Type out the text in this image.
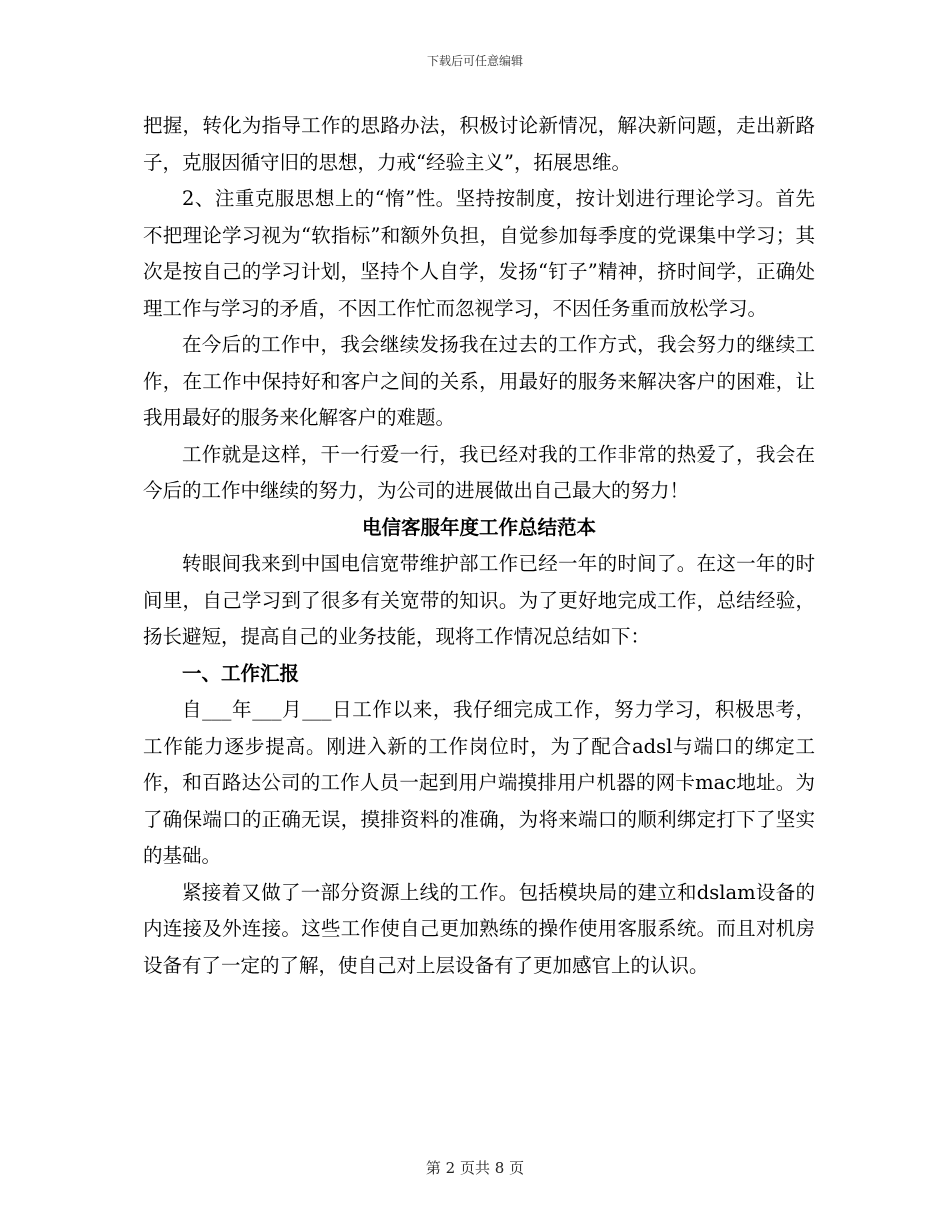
下载后可任意编辑

把握，转化为指导工作的思路办法，积极讨论新情况，解决新问题，走出新路子，克服因循守旧的思想，力戒“经验主义”，拓展思维。

2、注重克服思想上的“惰”性。坚持按制度，按计划进行理论学习。首先不把理论学习视为“软指标”和额外负担，自觉参加每季度的党课集中学习；其次是按自己的学习计划，坚持个人自学，发扬“钉子”精神，挤时间学，正确处理工作与学习的矛盾，不因工作忙而忽视学习，不因任务重而放松学习。

在今后的工作中，我会继续发扬我在过去的工作方式，我会努力的继续工作，在工作中保持好和客户之间的关系，用最好的服务来解决客户的困难，让我用最好的服务来化解客户的难题。

工作就是这样，干一行爱一行，我已经对我的工作非常的热爱了，我会在今后的工作中继续的努力，为公司的进展做出自己最大的努力！

电信客服年度工作总结范本

转眼间我来到中国电信宽带维护部工作已经一年的时间了。在这一年的时间里，自己学习到了很多有关宽带的知识。为了更好地完成工作，总结经验，扬长避短，提高自己的业务技能，现将工作情况总结如下：

一、工作汇报

自___年___月___日工作以来，我仔细完成工作，努力学习，积极思考，工作能力逐步提高。刚进入新的工作岗位时，为了配合adsl与端口的绑定工作，和百路达公司的工作人员一起到用户端摸排用户机器的网卡mac地址。为了确保端口的正确无误，摸排资料的准确，为将来端口的顺利绑定打下了坚实的基础。

紧接着又做了一部分资源上线的工作。包括模块局的建立和dslam设备的内连接及外连接。这些工作使自己更加熟练的操作使用客服系统。而且对机房设备有了一定的了解，使自己对上层设备有了更加感官上的认识。

第 2 页共 8 页
